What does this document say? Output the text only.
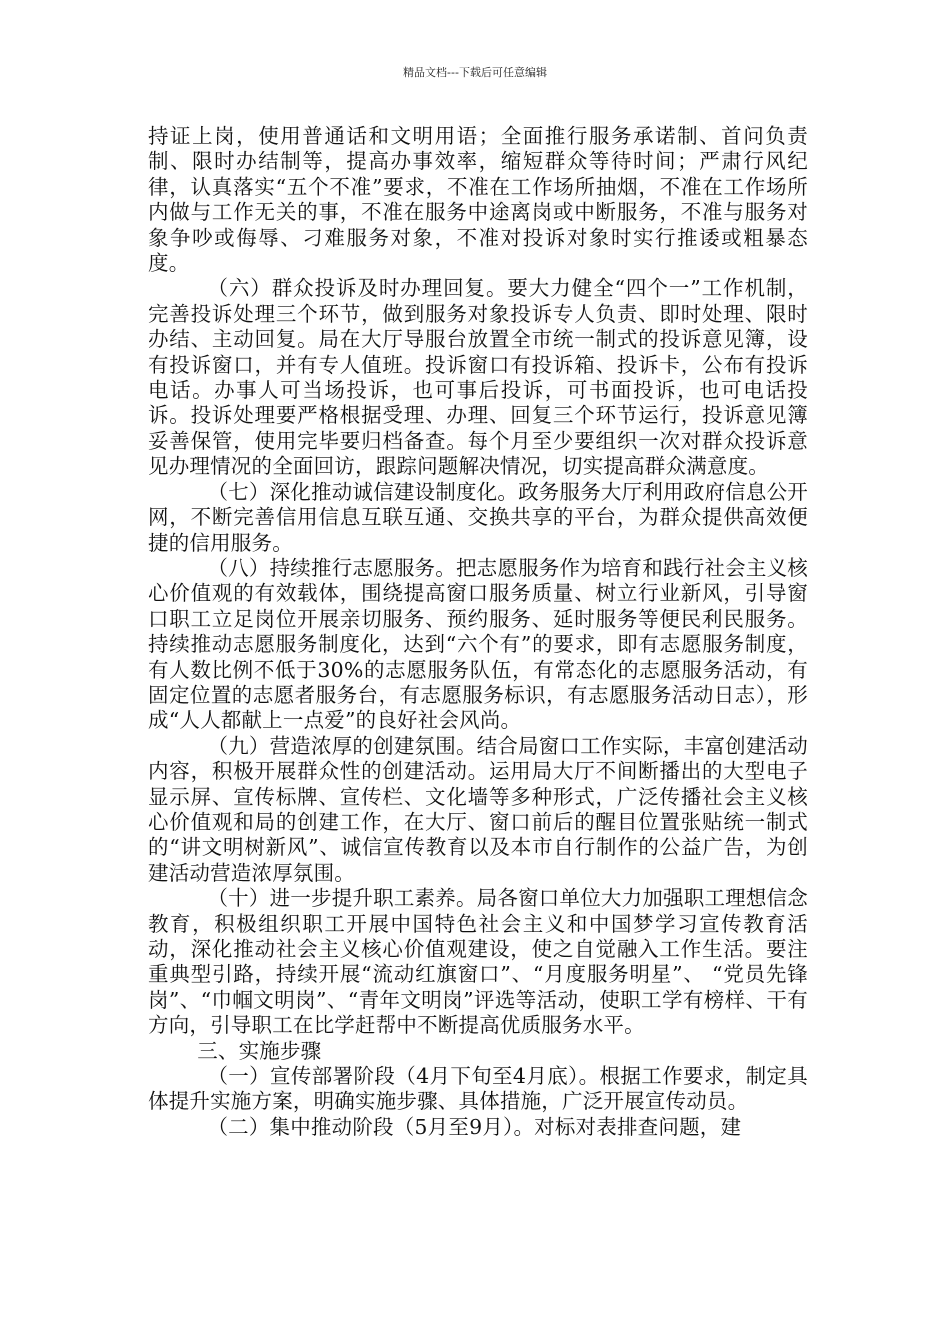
精品文档---下载后可任意编辑

持证上岗，使用普通话和文明用语；全面推行服务承诺制、首问负责制、限时办结制等，提高办事效率，缩短群众等待时间；严肃行风纪律，认真落实“五个不准”要求，不准在工作场所抽烟，不准在工作场所内做与工作无关的事，不准在服务中途离岗或中断服务，不准与服务对象争吵或侮辱、刁难服务对象，不准对投诉对象时实行推诿或粗暴态度。

（六）群众投诉及时办理回复。要大力健全“四个一”工作机制，完善投诉处理三个环节，做到服务对象投诉专人负责、即时处理、限时办结、主动回复。局在大厅导服台放置全市统一制式的投诉意见簿，设有投诉窗口，并有专人值班。投诉窗口有投诉箱、投诉卡，公布有投诉电话。办事人可当场投诉，也可事后投诉，可书面投诉，也可电话投诉。投诉处理要严格根据受理、办理、回复三个环节运行，投诉意见簿妥善保管，使用完毕要归档备查。每个月至少要组织一次对群众投诉意见办理情况的全面回访，跟踪问题解决情况，切实提高群众满意度。

（七）深化推动诚信建设制度化。政务服务大厅利用政府信息公开网，不断完善信用信息互联互通、交换共享的平台，为群众提供高效便捷的信用服务。

（八）持续推行志愿服务。把志愿服务作为培育和践行社会主义核心价值观的有效载体，围绕提高窗口服务质量、树立行业新风，引导窗口职工立足岗位开展亲切服务、预约服务、延时服务等便民利民服务。持续推动志愿服务制度化，达到“六个有”的要求，即有志愿服务制度，有人数比例不低于30%的志愿服务队伍，有常态化的志愿服务活动，有固定位置的志愿者服务台，有志愿服务标识，有志愿服务活动日志），形成“人人都献上一点爱”的良好社会风尚。

（九）营造浓厚的创建氛围。结合局窗口工作实际，丰富创建活动内容，积极开展群众性的创建活动。运用局大厅不间断播出的大型电子显示屏、宣传标牌、宣传栏、文化墙等多种形式，广泛传播社会主义核心价值观和局的创建工作，在大厅、窗口前后的醒目位置张贴统一制式的“讲文明树新风”、诚信宣传教育以及本市自行制作的公益广告，为创建活动营造浓厚氛围。

（十）进一步提升职工素养。局各窗口单位大力加强职工理想信念教育，积极组织职工开展中国特色社会主义和中国梦学习宣传教育活动，深化推动社会主义核心价值观建设，使之自觉融入工作生活。要注重典型引路，持续开展“流动红旗窗口”、“月度服务明星”、 “党员先锋岗”、“巾帼文明岗”、“青年文明岗”评选等活动，使职工学有榜样、干有方向，引导职工在比学赶帮中不断提高优质服务水平。

三、实施步骤

（一）宣传部署阶段（4月下旬至4月底）。根据工作要求，制定具体提升实施方案，明确实施步骤、具体措施，广泛开展宣传动员。

（二）集中推动阶段（5月至9月）。对标对表排查问题，建
